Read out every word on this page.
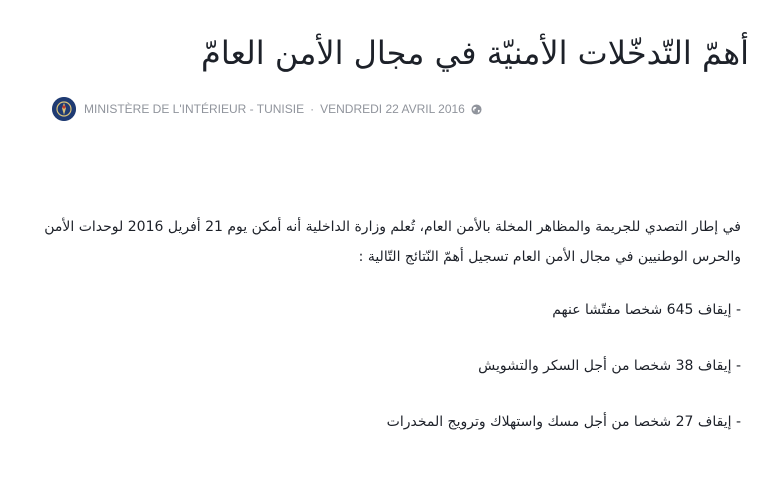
أهمّ التّدخّلات الأمنيّة في مجال الأمن العامّ
MINISTÈRE DE L'INTÉRIEUR - TUNISIE · VENDREDI 22 AVRIL 2016

في إطار التصدي للجريمة والمظاهر المخلة بالأمن العام، تُعلم وزارة الداخلية أنه أمكن يوم 21 أفريل 2016 لوحدات الأمن والحرس الوطنيين في مجال الأمن العام تسجيل أهمّ النّتائج التّالية :

- إيقاف 645 شخصا مفتّشا عنهم

- إيقاف 38 شخصا من أجل السكر والتشويش

- إيقاف 27 شخصا من أجل مسك واستهلاك وترويج المخدرات
